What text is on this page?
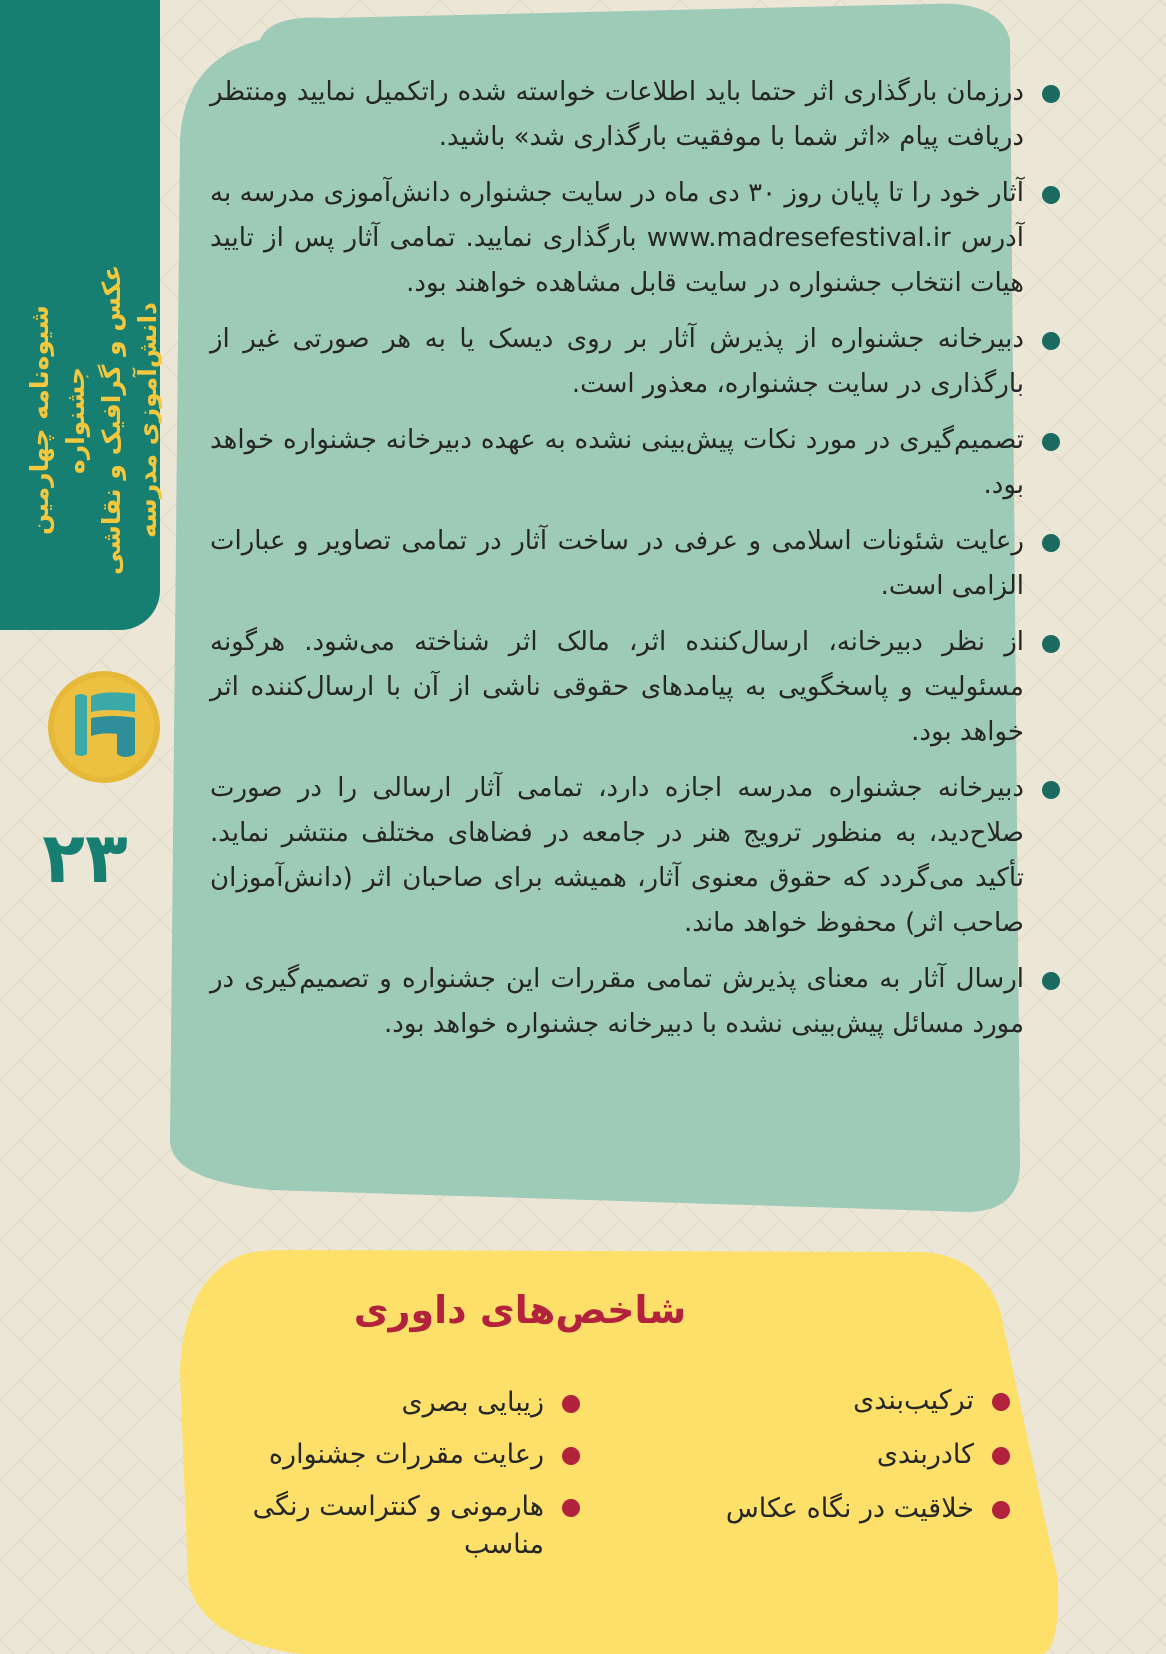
شیوه‌نامه چهارمین جشنواره عکس و گرافیک و نقاشی دانش‌آموزی مدرسه
۲۳
درزمان بارگذاری اثر حتما باید اطلاعات خواسته شده راتکمیل نمایید ومنتظر دریافت پیام «اثر شما با موفقیت بارگذاری شد» باشید.
آثار خود را تا پایان روز ۳۰ دی ماه در سایت جشنواره دانش‌آموزی مدرسه به آدرس www.madresefestival.ir بارگذاری نمایید. تمامی آثار پس از تایید هیات انتخاب جشنواره در سایت قابل مشاهده خواهند بود.
دبیرخانه جشنواره از پذیرش آثار بر روی دیسک یا به هر صورتی غیر از بارگذاری در سایت جشنواره، معذور است.
تصمیم‌گیری در مورد نکات پیش‌بینی نشده به عهده دبیرخانه جشنواره خواهد بود.
رعایت شئونات اسلامی و عرفی در ساخت آثار در تمامی تصاویر و عبارات الزامی است.
از نظر دبیرخانه، ارسال‌کننده اثر، مالک اثر شناخته می‌شود. هرگونه مسئولیت و پاسخگویی به پیامدهای حقوقی ناشی از آن با ارسال‌کننده اثر خواهد بود.
دبیرخانه جشنواره مدرسه اجازه دارد، تمامی آثار ارسالی را در صورت صلاح‌دید، به منظور ترویج هنر در جامعه در فضاهای مختلف منتشر نماید. تأکید می‌گردد که حقوق معنوی آثار، همیشه برای صاحبان اثر (دانش‌آموزان صاحب اثر) محفوظ خواهد ماند.
ارسال آثار به معنای پذیرش تمامی مقررات این جشنواره و تصمیم‌گیری در مورد مسائل پیش‌بینی نشده با دبیرخانه جشنواره خواهد بود.
شاخص‌های داوری
ترکیب‌بندی
کادربندی
خلاقیت در نگاه عکاس
زیبایی بصری
رعایت مقررات جشنواره
هارمونی و کنتراست رنگی مناسب
